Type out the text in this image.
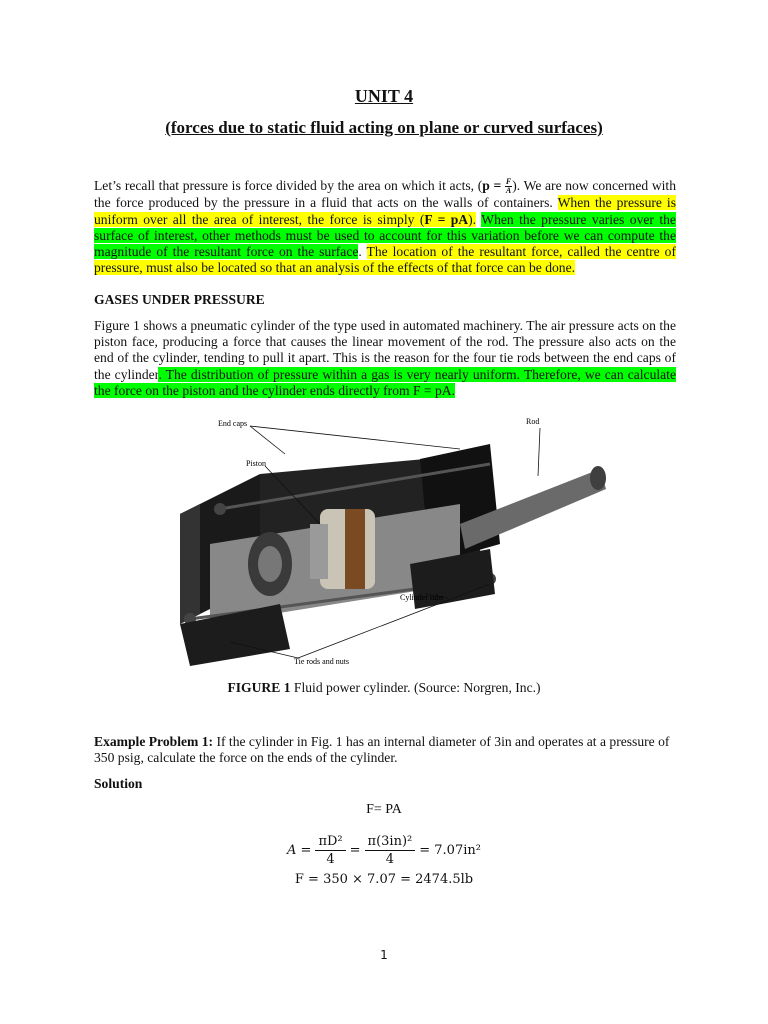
UNIT 4
(forces due to static fluid acting on plane or curved surfaces)
Let’s recall that pressure is force divided by the area on which it acts, ($p = \frac{F}{A}$ ). We are now concerned with the force produced by the pressure in a fluid that acts on the walls of containers. When the pressure is uniform over all the area of interest, the force is simply (F = pA). When the pressure varies over the surface of interest, other methods must be used to account for this variation before we can compute the magnitude of the resultant force on the surface. The location of the resultant force, called the centre of pressure, must also be located so that an analysis of the effects of that force can be done.
GASES UNDER PRESSURE
Figure 1 shows a pneumatic cylinder of the type used in automated machinery. The air pressure acts on the piston face, producing a force that causes the linear movement of the rod. The pressure also acts on the end of the cylinder, tending to pull it apart. This is the reason for the four tie rods between the end caps of the cylinder. The distribution of pressure within a gas is very nearly uniform. Therefore, we can calculate the force on the piston and the cylinder ends directly from F = pA.
End caps	Rod
Piston
Cylinder tube
Tie rods and nuts
FIGURE 1 Fluid power cylinder. (Source: Norgren, Inc.)
Example Problem 1: If the cylinder in Fig. 1 has an internal diameter of 3in and operates at a pressure of 350 psig, calculate the force on the ends of the cylinder.
Solution
F= PA
$A = \frac{\text{πD²}}{4} = \frac{\text{π(3in)²}}{4} = 7.07in^2$
F = 350 × 7.07 = 2474.5lb
1
